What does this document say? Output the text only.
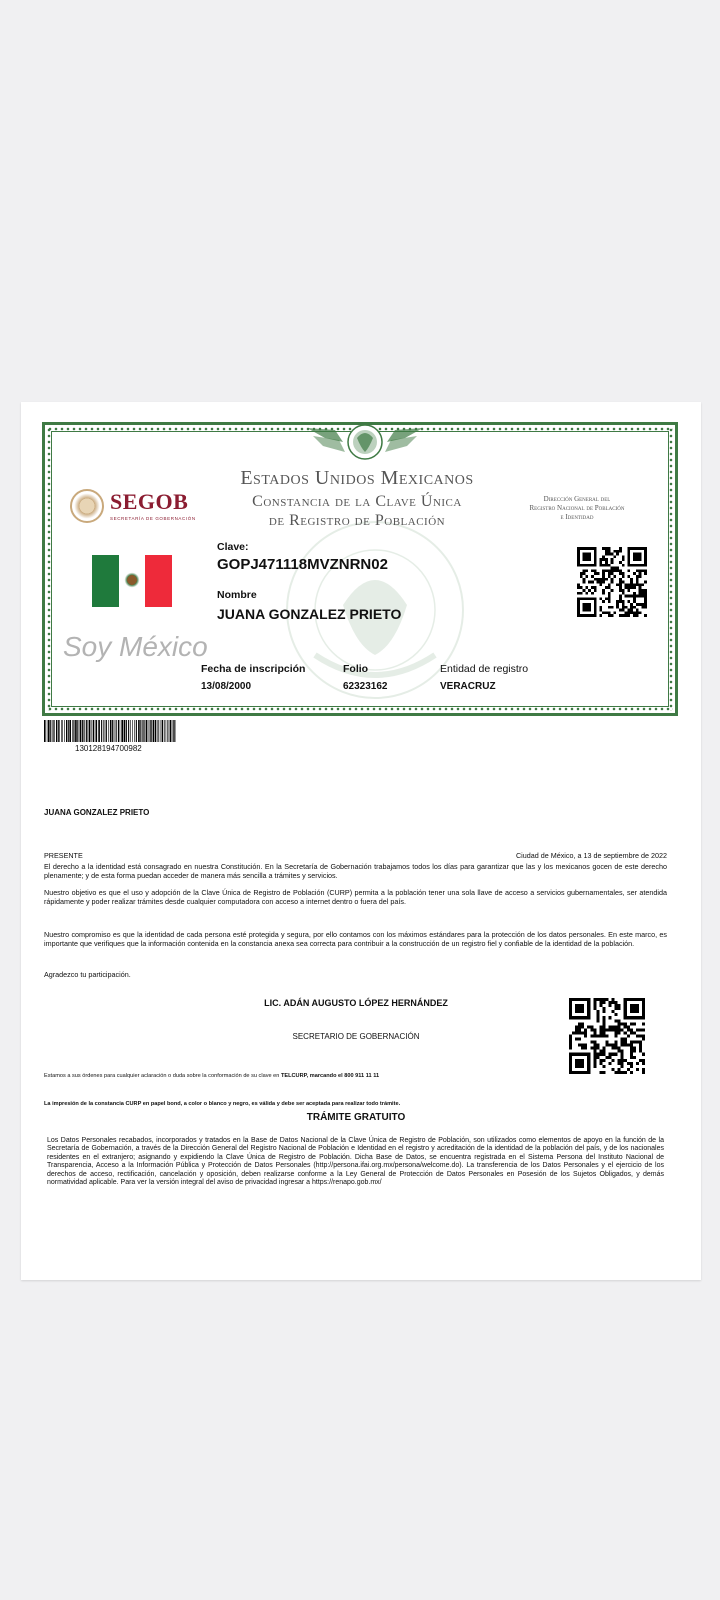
SEGOB
SECRETARÍA DE GOBERNACIÓN
Estados Unidos Mexicanos
Constancia de la Clave Única
de Registro de Población
Dirección General del
Registro Nacional de Población
e Identidad
Soy México
Clave:
GOPJ471118MVZNRN02
Nombre
JUANA GONZALEZ PRIETO
Fecha de inscripción
13/08/2000
Folio
62323162
Entidad de registro
VERACRUZ
130128194700982
JUANA GONZALEZ PRIETO
PRESENTE	Ciudad de México, a 13 de septiembre de 2022
El derecho a la identidad está consagrado en nuestra Constitución. En la Secretaría de Gobernación trabajamos todos los días para garantizar que las y los mexicanos gocen de este derecho plenamente; y de esta forma puedan acceder de manera más sencilla a trámites y servicios.
Nuestro objetivo es que el uso y adopción de la Clave Única de Registro de Población (CURP) permita a la población tener una sola llave de acceso a servicios gubernamentales, ser atendida rápidamente y poder realizar trámites desde cualquier computadora con acceso a internet dentro o fuera del país.
Nuestro compromiso es que la identidad de cada persona esté protegida y segura, por ello contamos con los máximos estándares para la protección de los datos personales. En este marco, es importante que verifiques que la información contenida en la constancia anexa sea correcta para contribuir a la construcción de un registro fiel y confiable de la identidad de la población.
Agradezco tu participación.
LIC. ADÁN AUGUSTO LÓPEZ HERNÁNDEZ
SECRETARIO DE GOBERNACIÓN
Estamos a sus órdenes para cualquier aclaración o duda sobre la conformación de su clave en TELCURP, marcando el 800 911 11 11
La impresión de la constancia CURP en papel bond, a color o blanco y negro, es válida y debe ser aceptada para realizar todo trámite.
TRÁMITE GRATUITO
Los Datos Personales recabados, incorporados y tratados en la Base de Datos Nacional de la Clave Única de Registro de Población, son utilizados como elementos de apoyo en la función de la Secretaría de Gobernación, a través de la Dirección General del Registro Nacional de Población e Identidad en el registro y acreditación de la identidad de la población del país, y de los nacionales residentes en el extranjero; asignando y expidiendo la Clave Única de Registro de Población. Dicha Base de Datos, se encuentra registrada en el Sistema Persona del Instituto Nacional de Transparencia, Acceso a la Información Pública y Protección de Datos Personales (http://persona.ifai.org.mx/persona/welcome.do). La transferencia de los Datos Personales y el ejercicio de los derechos de acceso, rectificación, cancelación y oposición, deben realizarse conforme a la Ley General de Protección de Datos Personales en Posesión de los Sujetos Obligados, y demás normatividad aplicable. Para ver la versión integral del aviso de privacidad ingresar a https://renapo.gob.mx/
